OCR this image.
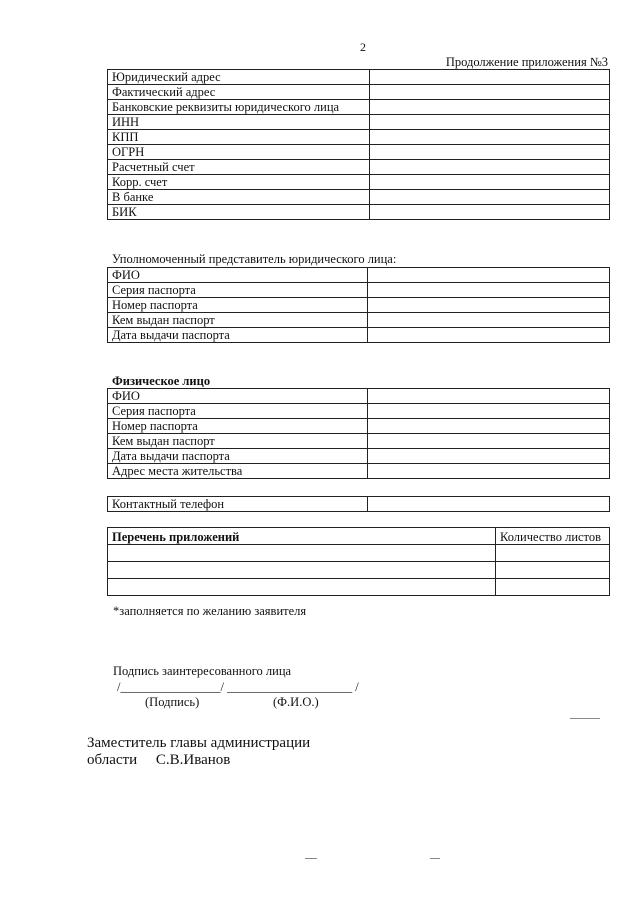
2
Продолжение приложения №3
Юридический адрес	
Фактический адрес	
Банковские реквизиты юридического лица	
ИНН	
КПП	
ОГРН	
Расчетный счет	
Корр. счет	
В банке	
БИК	
Уполномоченный представитель юридического лица:
ФИО	
Серия паспорта	
Номер паспорта	
Кем выдан паспорт	
Дата выдачи паспорта	
Физическое лицо
ФИО	
Серия паспорта	
Номер паспорта	
Кем выдан паспорт	
Дата выдачи паспорта	
Адрес места жительства	
Контактный телефон	
Перечень приложений	Количество листов

*заполняется по желанию заявителя
Подпись заинтересованного лица
/________________/ ____________________ /
(Подпись)	(Ф.И.О.)
Заместитель главы администрации
области     С.В.Иванов
